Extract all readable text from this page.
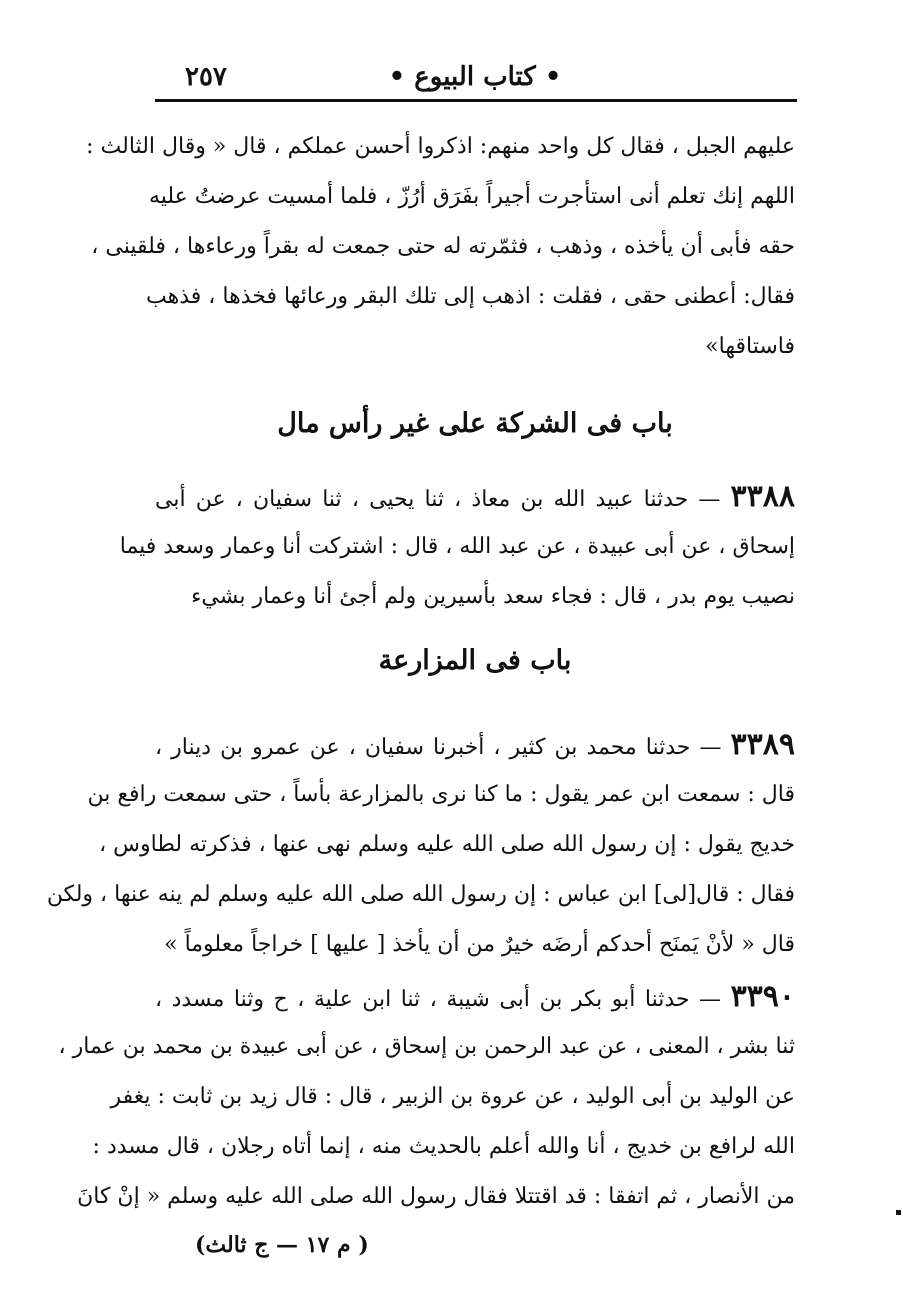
٢٥٧	• كتاب البيوع •
عليهم الجبل ، فقال كل واحد منهم: اذكروا أحسن عملكم ، قال « وقال الثالث :
اللهم إنك تعلم أنى استأجرت أجيراً بفَرَق أرُزّ ، فلما أمسيت عرضتُ عليه
حقه فأبى أن يأخذه ، وذهب ، فثمّرته له حتى جمعت له بقراً ورعاءها ، فلقينى ،
فقال: أعطنى حقى ، فقلت : اذهب إلى تلك البقر ورعائها فخذها ، فذهب
فاستاقها»
باب فى الشركة على غير رأس مال
٣٣٨٨ — حدثنا عبيد الله بن معاذ ، ثنا يحيى ، ثنا سفيان ، عن أبى
إسحاق ، عن أبى عبيدة ، عن عبد الله ، قال : اشتركت أنا وعمار وسعد فيما
نصيب يوم بدر ، قال : فجاء سعد بأسيرين ولم أجئ أنا وعمار بشيء
باب فى المزارعة
٣٣٨٩ — حدثنا محمد بن كثير ، أخبرنا سفيان ، عن عمرو بن دينار ،
قال : سمعت ابن عمر يقول : ما كنا نرى بالمزارعة بأساً ، حتى سمعت رافع بن
خديج يقول : إن رسول الله صلى الله عليه وسلم نهى عنها ، فذكرته لطاوس ،
فقال : قال[لى] ابن عباس : إن رسول الله صلى الله عليه وسلم لم ينه عنها ، ولكن
قال « لأنْ يَمنَح أحدكم أرضَه خيرٌ من أن يأخذ [ عليها ] خراجاً معلوماً »
٣٣٩٠ — حدثنا أبو بكر بن أبى شيبة ، ثنا ابن علية ، ح وثنا مسدد ،
ثنا بشر ، المعنى ، عن عبد الرحمن بن إسحاق ، عن أبى عبيدة بن محمد بن عمار ،
عن الوليد بن أبى الوليد ، عن عروة بن الزبير ، قال : قال زيد بن ثابت : يغفر
الله لرافع بن خديج ، أنا والله أعلم بالحديث منه ، إنما أتاه رجلان ، قال مسدد :
من الأنصار ، ثم اتفقا : قد اقتتلا فقال رسول الله صلى الله عليه وسلم « إنْ كانَ
( م ١٧ — ج ثالث)
